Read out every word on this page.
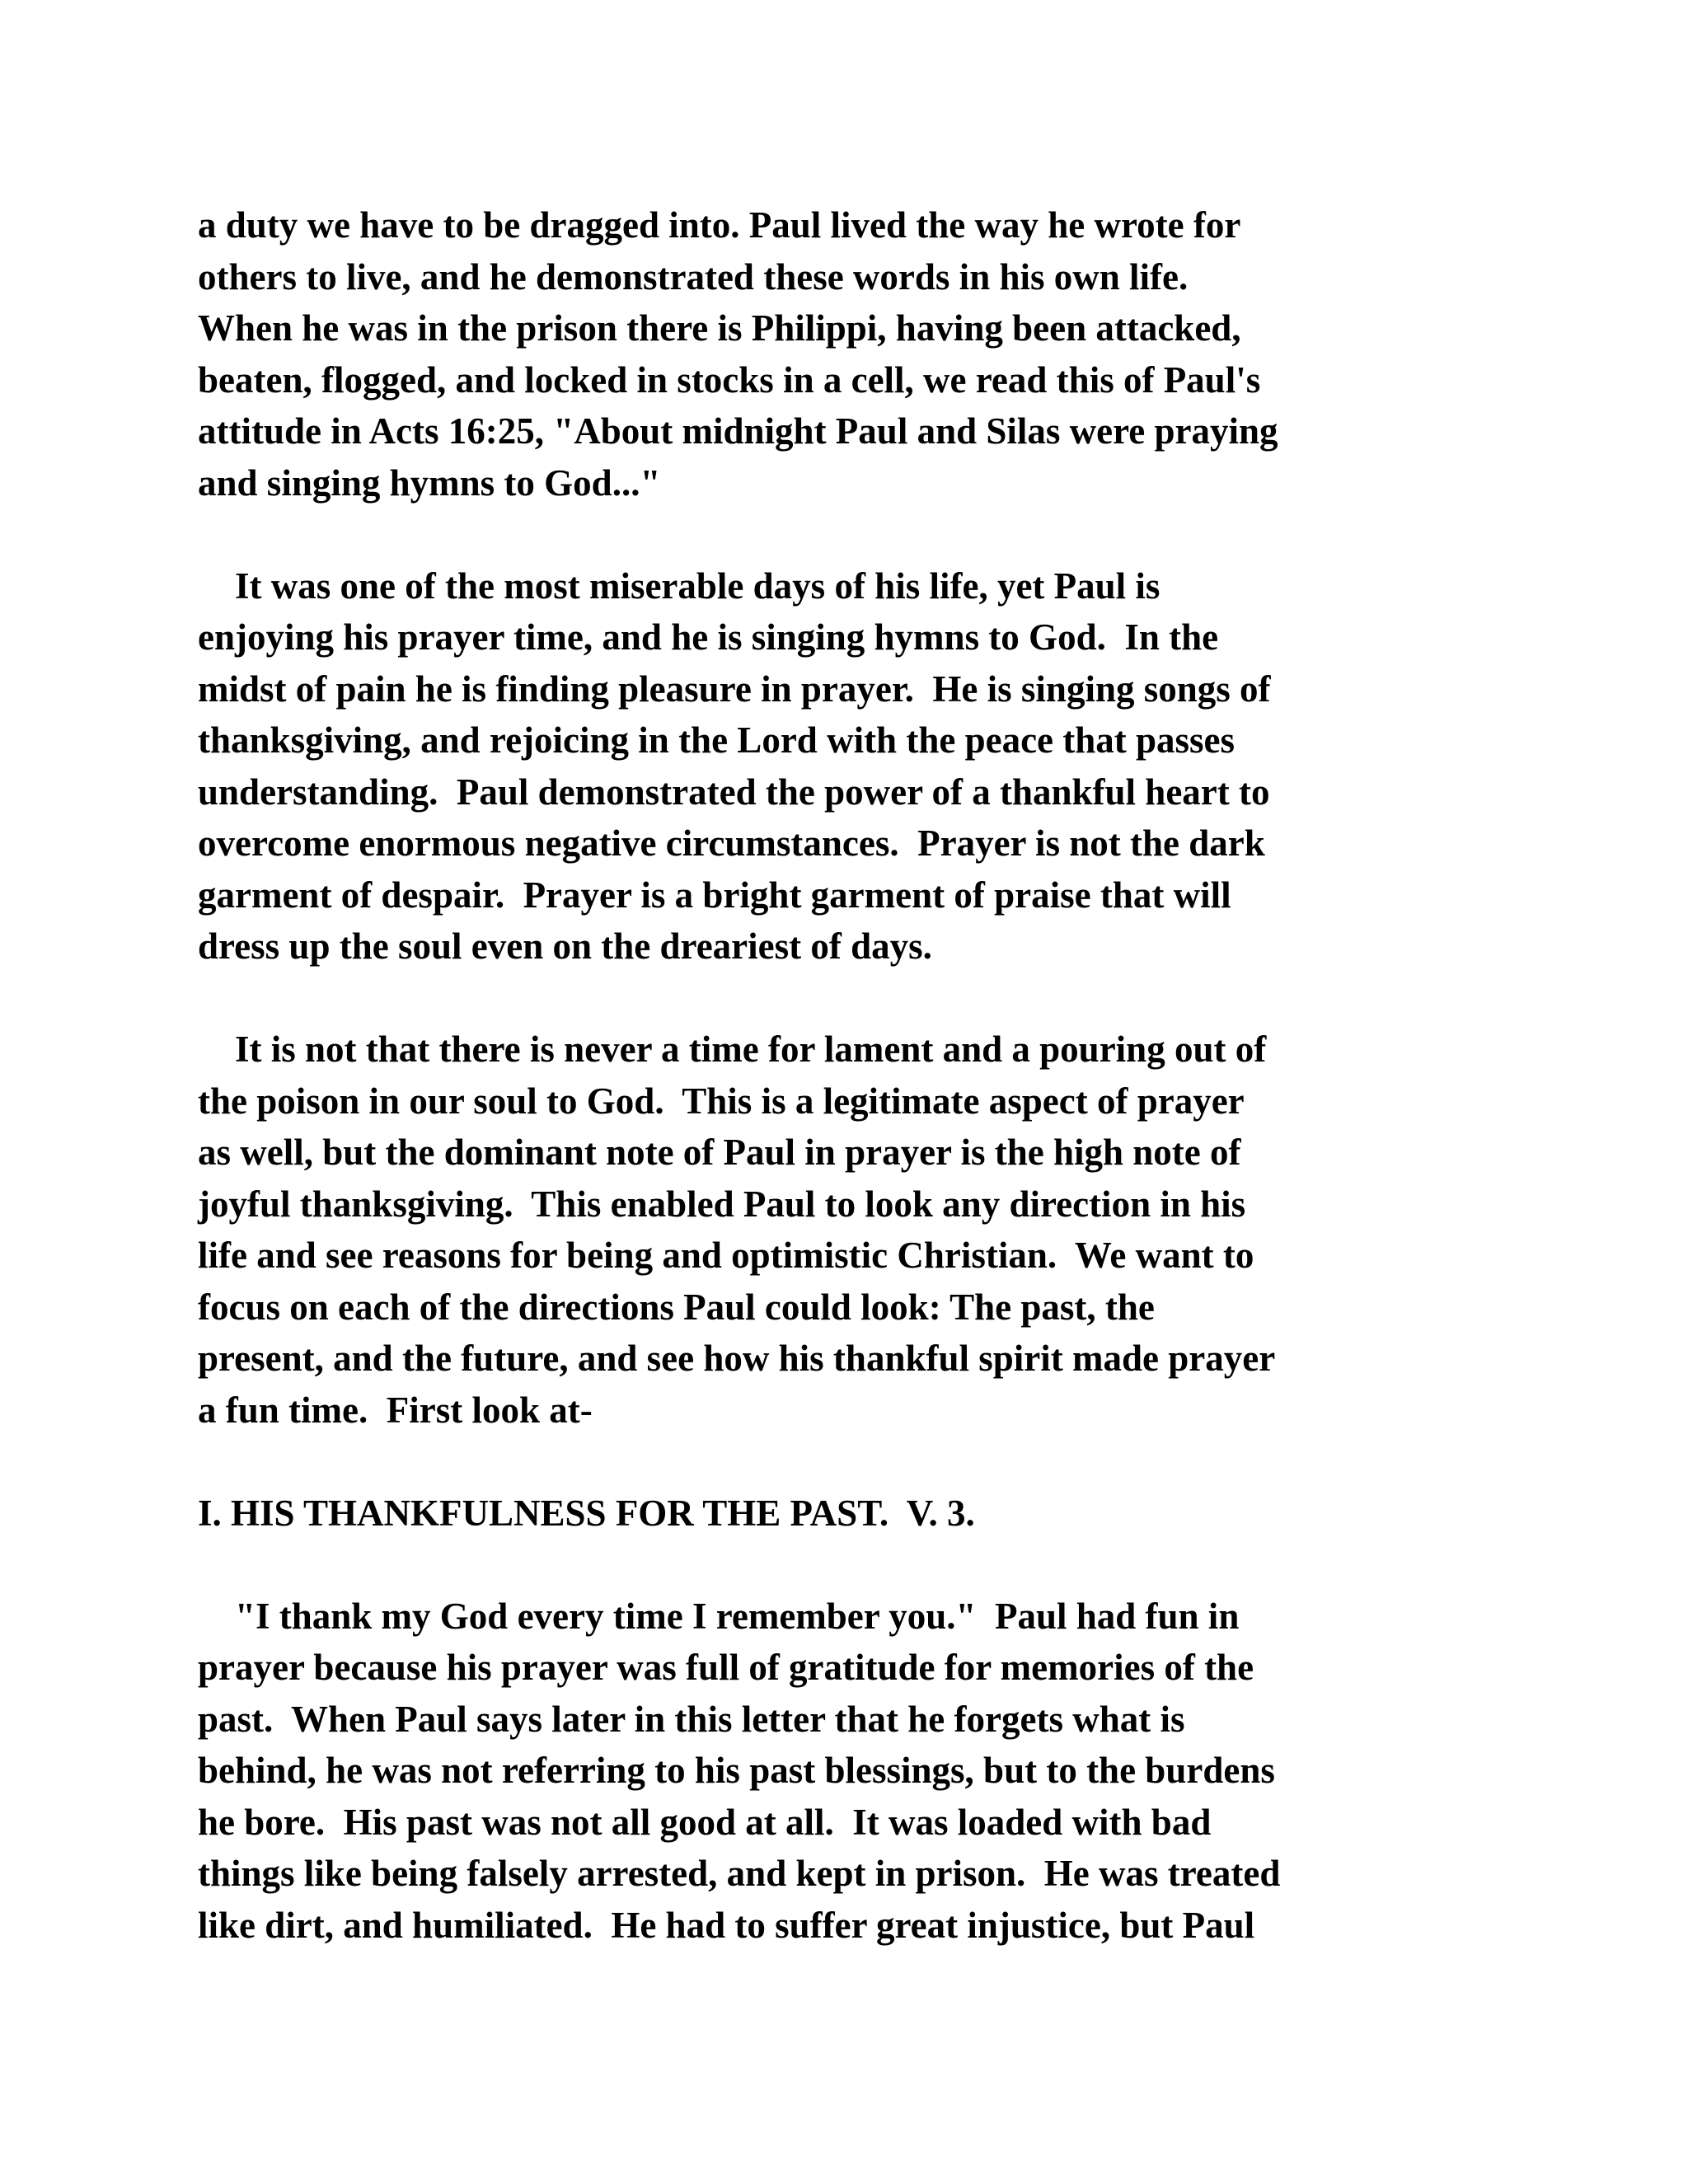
a duty we have to be dragged into. Paul lived the way he wrote for
others to live, and he demonstrated these words in his own life.
When he was in the prison there is Philippi, having been attacked,
beaten, flogged, and locked in stocks in a cell, we read this of Paul's
attitude in Acts 16:25, "About midnight Paul and Silas were praying
and singing hymns to God..."
It was one of the most miserable days of his life, yet Paul is
enjoying his prayer time, and he is singing hymns to God.  In the
midst of pain he is finding pleasure in prayer.  He is singing songs of
thanksgiving, and rejoicing in the Lord with the peace that passes
understanding.  Paul demonstrated the power of a thankful heart to
overcome enormous negative circumstances.  Prayer is not the dark
garment of despair.  Prayer is a bright garment of praise that will
dress up the soul even on the dreariest of days.
It is not that there is never a time for lament and a pouring out of
the poison in our soul to God.  This is a legitimate aspect of prayer
as well, but the dominant note of Paul in prayer is the high note of
joyful thanksgiving.  This enabled Paul to look any direction in his
life and see reasons for being and optimistic Christian.  We want to
focus on each of the directions Paul could look: The past, the
present, and the future, and see how his thankful spirit made prayer
a fun time.  First look at-
I. HIS THANKFULNESS FOR THE PAST.  V. 3.
"I thank my God every time I remember you."  Paul had fun in
prayer because his prayer was full of gratitude for memories of the
past.  When Paul says later in this letter that he forgets what is
behind, he was not referring to his past blessings, but to the burdens
he bore.  His past was not all good at all.  It was loaded with bad
things like being falsely arrested, and kept in prison.  He was treated
like dirt, and humiliated.  He had to suffer great injustice, but Paul
